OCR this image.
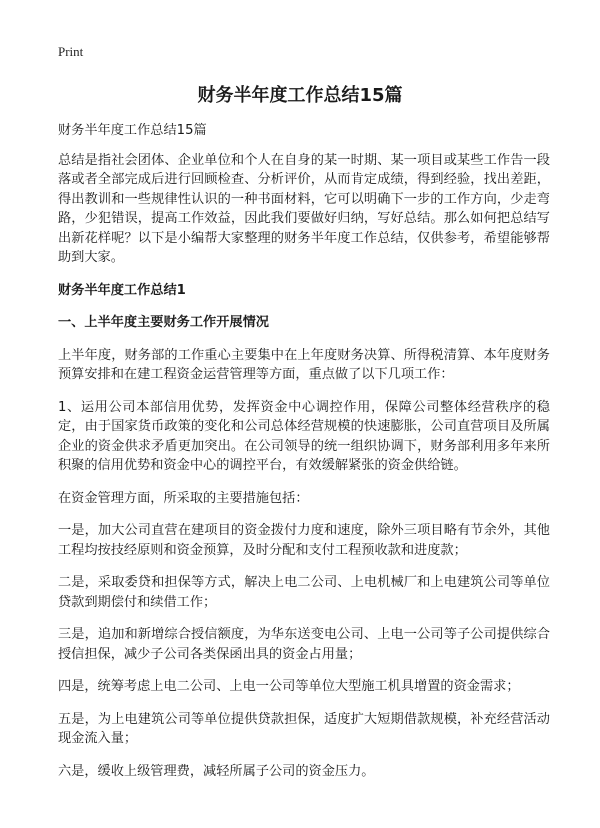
Print
财务半年度工作总结15篇

财务半年度工作总结15篇

总结是指社会团体、企业单位和个人在自身的某一时期、某一项目或某些工作告一段落或者全部完成后进行回顾检查、分析评价，从而肯定成绩，得到经验，找出差距，得出教训和一些规律性认识的一种书面材料，它可以明确下一步的工作方向，少走弯路，少犯错误，提高工作效益，因此我们要做好归纳，写好总结。那么如何把总结写出新花样呢？以下是小编帮大家整理的财务半年度工作总结，仅供参考，希望能够帮助到大家。

财务半年度工作总结1

一、上半年度主要财务工作开展情况

上半年度，财务部的工作重心主要集中在上年度财务决算、所得税清算、本年度财务预算安排和在建工程资金运营管理等方面，重点做了以下几项工作：

1、运用公司本部信用优势，发挥资金中心调控作用，保障公司整体经营秩序的稳定，由于国家货币政策的变化和公司总体经营规模的快速膨胀，公司直营项目及所属企业的资金供求矛盾更加突出。在公司领导的统一组织协调下，财务部利用多年来所积聚的信用优势和资金中心的调控平台，有效缓解紧张的资金供给链。

在资金管理方面，所采取的主要措施包括：

一是，加大公司直营在建项目的资金拨付力度和速度，除外三项目略有节余外，其他工程均按技经原则和资金预算，及时分配和支付工程预收款和进度款；

二是，采取委贷和担保等方式，解决上电二公司、上电机械厂和上电建筑公司等单位贷款到期偿付和续借工作；

三是，追加和新增综合授信额度，为华东送变电公司、上电一公司等子公司提供综合授信担保，减少子公司各类保函出具的资金占用量；

四是，统筹考虑上电二公司、上电一公司等单位大型施工机具增置的资金需求；

五是，为上电建筑公司等单位提供贷款担保，适度扩大短期借款规模，补充经营活动现金流入量；

六是，缓收上级管理费，减轻所属子公司的资金压力。
